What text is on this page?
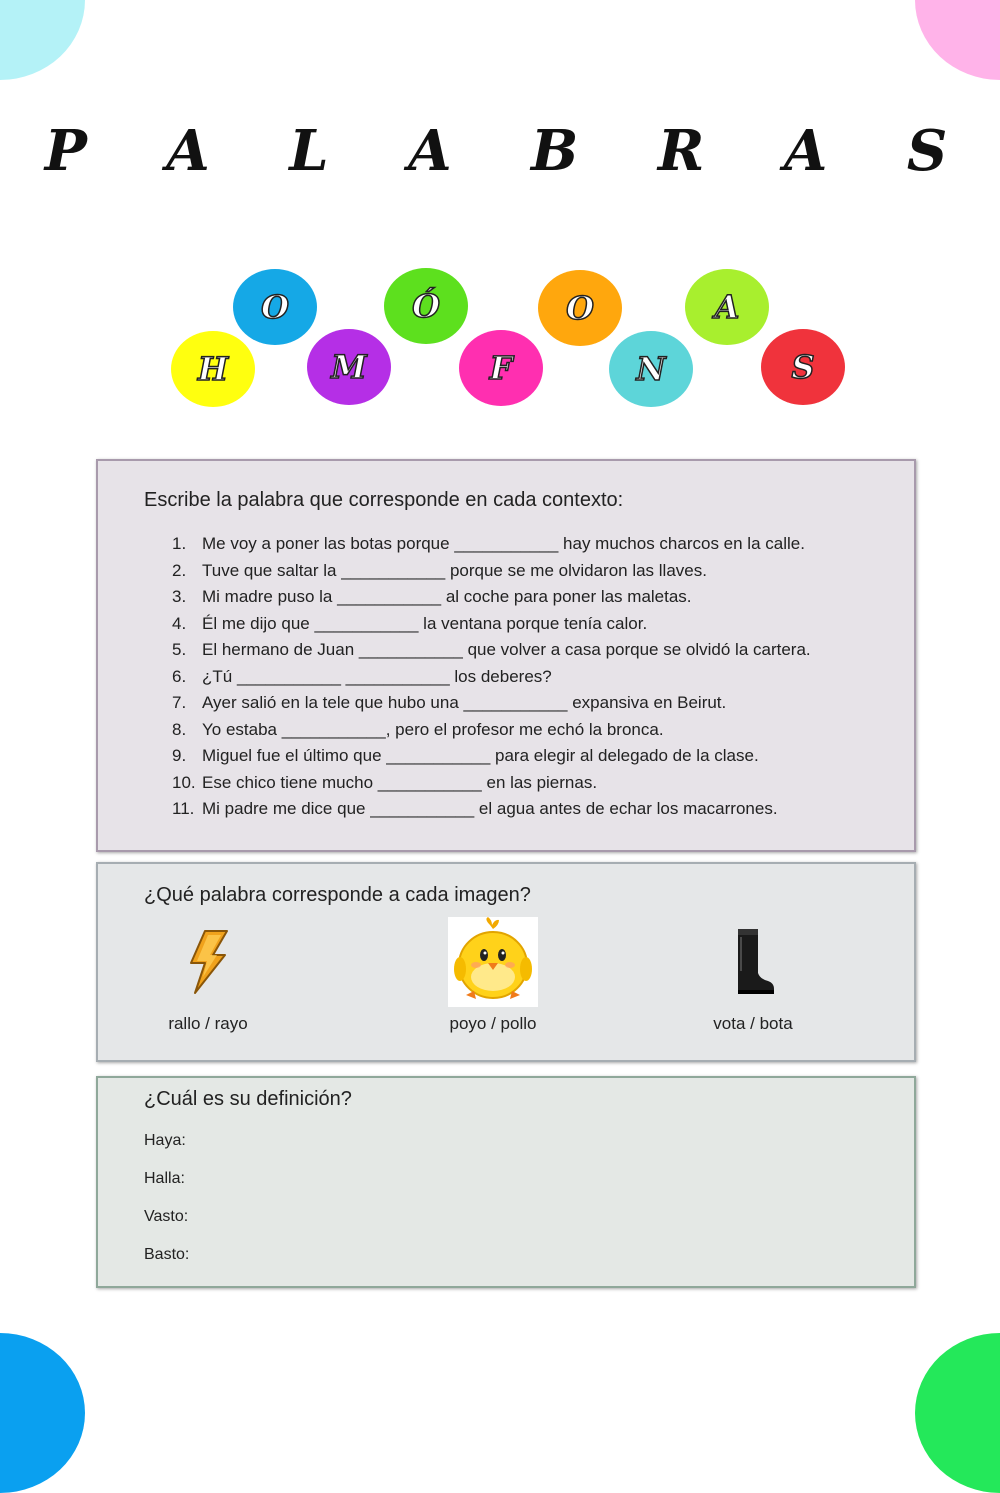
P A L A B R A S
H
O
M
Ó
F
O
N
A
S
Escribe la palabra que corresponde en cada contexto:
1. Me voy a poner las botas porque ___________ hay muchos charcos en la calle.
2. Tuve que saltar la ___________ porque se me olvidaron las llaves.
3. Mi madre puso la ___________ al coche para poner las maletas.
4. Él me dijo que ___________ la ventana porque tenía calor.
5. El hermano de Juan ___________ que volver a casa porque se olvidó la cartera.
6. ¿Tú ___________ ___________ los deberes?
7. Ayer salió en la tele que hubo una ___________ expansiva en Beirut.
8. Yo estaba ___________, pero el profesor me echó la bronca.
9. Miguel fue el último que ___________ para elegir al delegado de la clase.
10. Ese chico tiene mucho ___________ en las piernas.
11. Mi padre me dice que ___________ el agua antes de echar los macarrones.
¿Qué palabra corresponde a cada imagen?
rallo / rayo	poyo / pollo	vota / bota
¿Cuál es su definición?
Haya:
Halla:
Vasto:
Basto:
